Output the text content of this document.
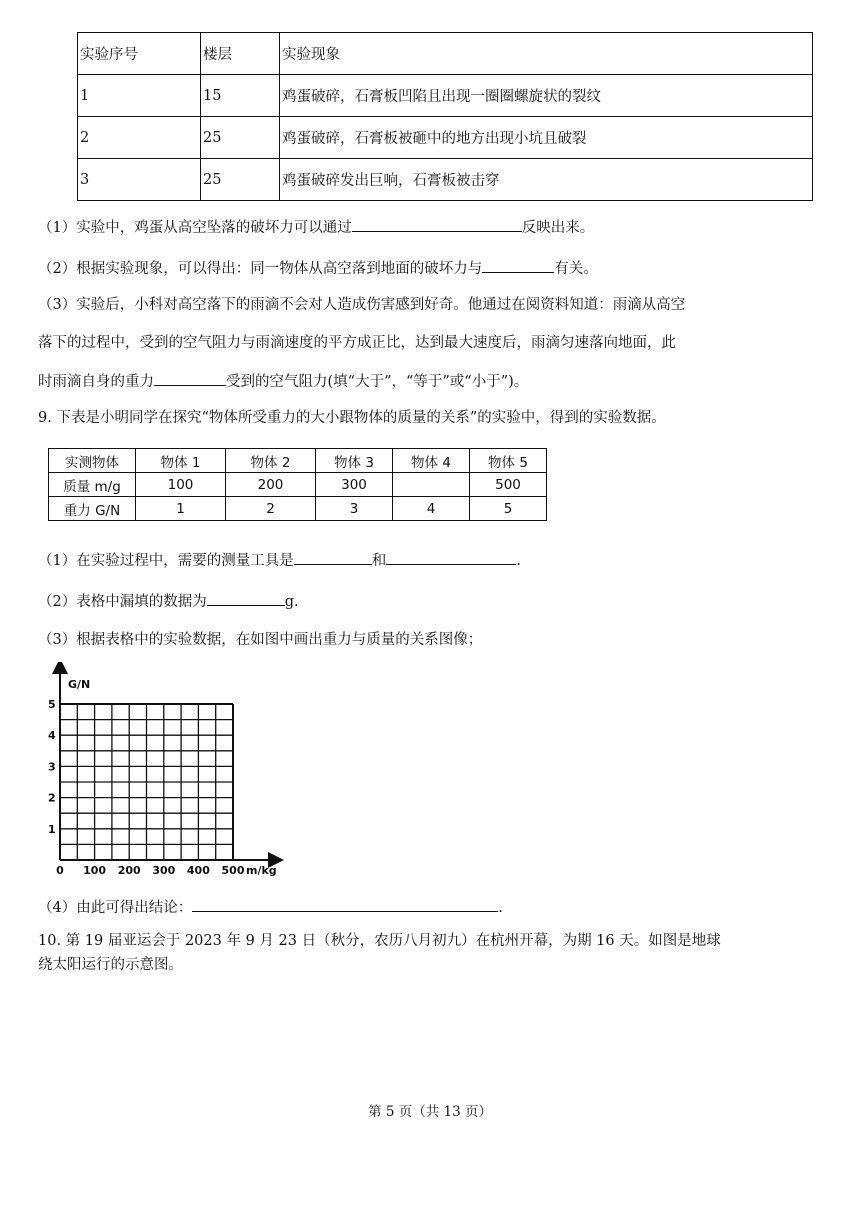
实验序号	楼层	实验现象
1	15	鸡蛋破碎，石膏板凹陷且出现一圈圈螺旋状的裂纹
2	25	鸡蛋破碎，石膏板被砸中的地方出现小坑且破裂
3	25	鸡蛋破碎发出巨响，石膏板被击穿
（1）实验中，鸡蛋从高空坠落的破坏力可以通过	反映出来。
（2）根据实验现象，可以得出：同一物体从高空落到地面的破坏力与	有关。
（3）实验后，小科对高空落下的雨滴不会对人造成伤害感到好奇。他通过在阅资料知道：雨滴从高空
落下的过程中，受到的空气阻力与雨滴速度的平方成正比，达到最大速度后，雨滴匀速落向地面，此
时雨滴自身的重力	受到的空气阻力(填“大于”，“等于”或“小于”)。
9. 下表是小明同学在探究“物体所受重力的大小跟物体的质量的关系”的实验中，得到的实验数据。
实测物体	物体 1	物体 2	物体 3	物体 4	物体 5
质量 m/g	100	200	300		500
重力 G/N	1	2	3	4	5
（1）在实验过程中，需要的测量工具是	和	.
（2）表格中漏填的数据为	g.
（3）根据表格中的实验数据，在如图中画出重力与质量的关系图像；
G/N
m/kg
1
2
3
4
5
0 100 200 300 400 500
（4）由此可得出结论：	.
10. 第 19 届亚运会于 2023 年 9 月 23 日（秋分，农历八月初九）在杭州开幕，为期 16 天。如图是地球
绕太阳运行的示意图。
第 5 页（共 13 页）
